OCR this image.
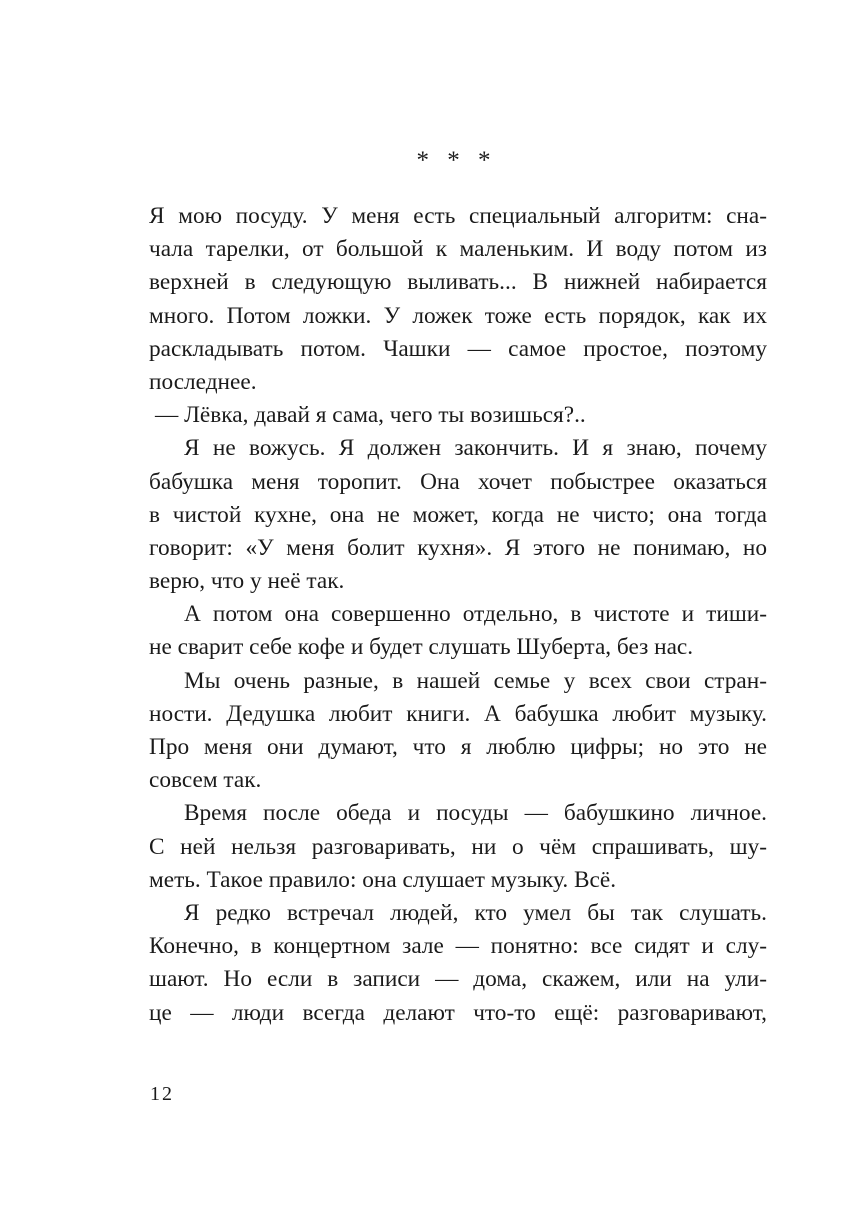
* * *
Я мою посуду. У меня есть специальный алгоритм: сна-
чала тарелки, от большой к маленьким. И воду потом из
верхней в следующую выливать... В нижней набирается
много. Потом ложки. У ложек тоже есть порядок, как их
раскладывать потом. Чашки — самое простое, поэтому
последнее.
— Лёвка, давай я сама, чего ты возишься?..
Я не вожусь. Я должен закончить. И я знаю, почему
бабушка меня торопит. Она хочет побыстрее оказаться
в чистой кухне, она не может, когда не чисто; она тогда
говорит: «У меня болит кухня». Я этого не понимаю, но
верю, что у неё так.
А потом она совершенно отдельно, в чистоте и тиши-
не сварит себе кофе и будет слушать Шуберта, без нас.
Мы очень разные, в нашей семье у всех свои стран-
ности. Дедушка любит книги. А бабушка любит музыку.
Про меня они думают, что я люблю цифры; но это не
совсем так.
Время после обеда и посуды — бабушкино личное.
С ней нельзя разговаривать, ни о чём спрашивать, шу-
меть. Такое правило: она слушает музыку. Всё.
Я редко встречал людей, кто умел бы так слушать.
Конечно, в концертном зале — понятно: все сидят и слу-
шают. Но если в записи — дома, скажем, или на ули-
це — люди всегда делают что-то ещё: разговаривают,
12
